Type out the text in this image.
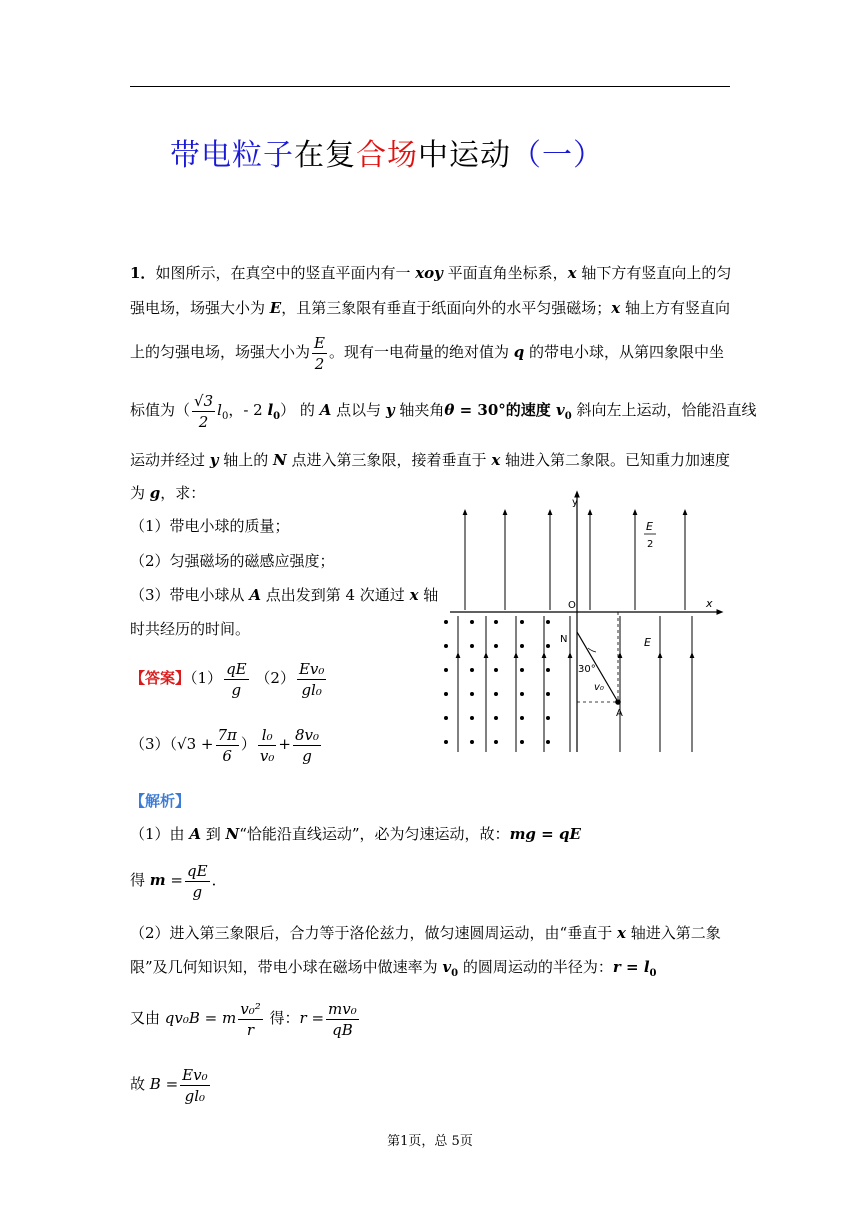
带电粒子在复合场中运动（一）
1．如图所示，在真空中的竖直平面内有一 xoy 平面直角坐标系，x 轴下方有竖直向上的匀
强电场，场强大小为 E，且第三象限有垂直于纸面向外的水平匀强磁场；x 轴上方有竖直向
上的匀强电场，场强大小为 $\frac{E}{2}$ 。现有一电荷量的绝对值为 q 的带电小球，从第四象限中坐
标值为（ $\frac{√3}{2} l_0$，- 2 $l_0$） 的 A 点以与 y 轴夹角θ = 30°的速度 $v_0$ 斜向左上运动，恰能沿直线
运动并经过 y 轴上的 N 点进入第三象限，接着垂直于 x 轴进入第二象限。已知重力加速度
为 g，求：
（1）带电小球的质量；
（2）匀强磁场的磁感应强度；
（3）带电小球从 A 点出发到第 4 次通过 x 轴
时共经历的时间。
【答案】$(1) \frac{qE}{g} (2) \frac{\text{Ev₀}}{\text{gl₀}}$
$(3)(√3 + \frac{7\pi}{6}$ ） $\frac{\text{l₀}}{\text{v₀}} + \frac{\text{8v₀}}{g}$
【解析】
（1）由 A 到 N“恰能沿直线运动”，必为匀速运动，故：mg = qE
得 $m = \frac{qE}{g}$ ．
（2）进入第三象限后，合力等于洛伦兹力，做匀速圆周运动，由“垂直于 x 轴进入第二象
限”及几何知识知，带电小球在磁场中做速率为 $v_0$ 的圆周运动的半径为：$r = l_0$
又由 qv₀B = m $\frac{\text{v₀²}}{r}$ 得：$r = \frac{\text{mv₀}}{qB}$
故 $B = \frac{\text{Ev₀}}{\text{gl₀}}$
y
x
O
N
E
2
E
30°
v₀
A
第1页，总 5页
